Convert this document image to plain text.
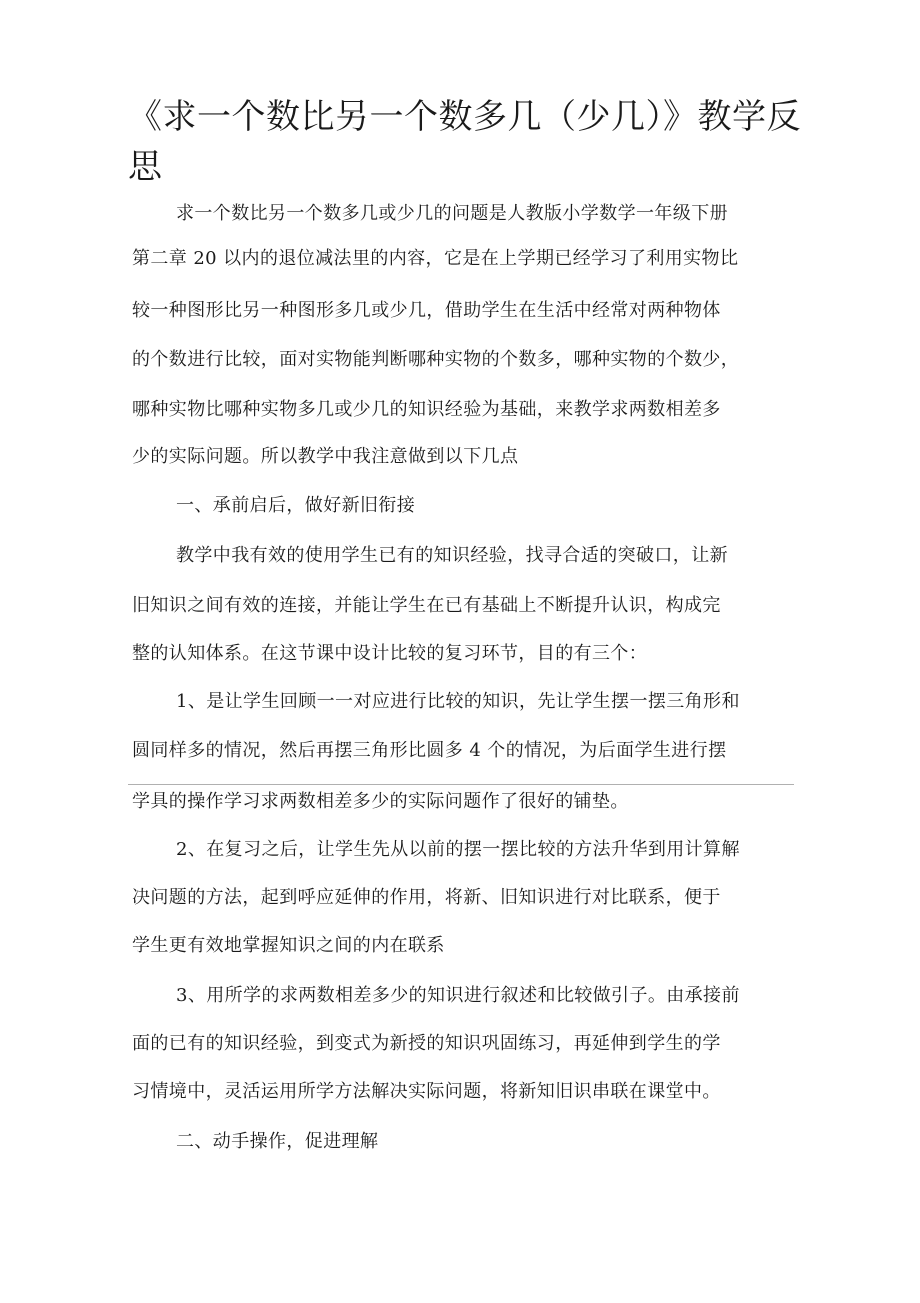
《求一个数比另一个数多几（少几）》教学反思
求一个数比另一个数多几或少几的问题是人教版小学数学一年级下册
第二章 20 以内的退位减法里的内容，它是在上学期已经学习了利用实物比
较一种图形比另一种图形多几或少几，借助学生在生活中经常对两种物体
的个数进行比较，面对实物能判断哪种实物的个数多，哪种实物的个数少，
哪种实物比哪种实物多几或少几的知识经验为基础，来教学求两数相差多
少的实际问题。所以教学中我注意做到以下几点
一、承前启后，做好新旧衔接
教学中我有效的使用学生已有的知识经验，找寻合适的突破口，让新
旧知识之间有效的连接，并能让学生在已有基础上不断提升认识，构成完
整的认知体系。在这节课中设计比较的复习环节，目的有三个：
1、是让学生回顾一一对应进行比较的知识，先让学生摆一摆三角形和
圆同样多的情况，然后再摆三角形比圆多 4 个的情况，为后面学生进行摆
学具的操作学习求两数相差多少的实际问题作了很好的铺垫。
2、在复习之后，让学生先从以前的摆一摆比较的方法升华到用计算解
决问题的方法，起到呼应延伸的作用，将新、旧知识进行对比联系，便于
学生更有效地掌握知识之间的内在联系
3、用所学的求两数相差多少的知识进行叙述和比较做引子。由承接前
面的已有的知识经验，到变式为新授的知识巩固练习，再延伸到学生的学
习情境中，灵活运用所学方法解决实际问题，将新知旧识串联在课堂中。
二、动手操作，促进理解
